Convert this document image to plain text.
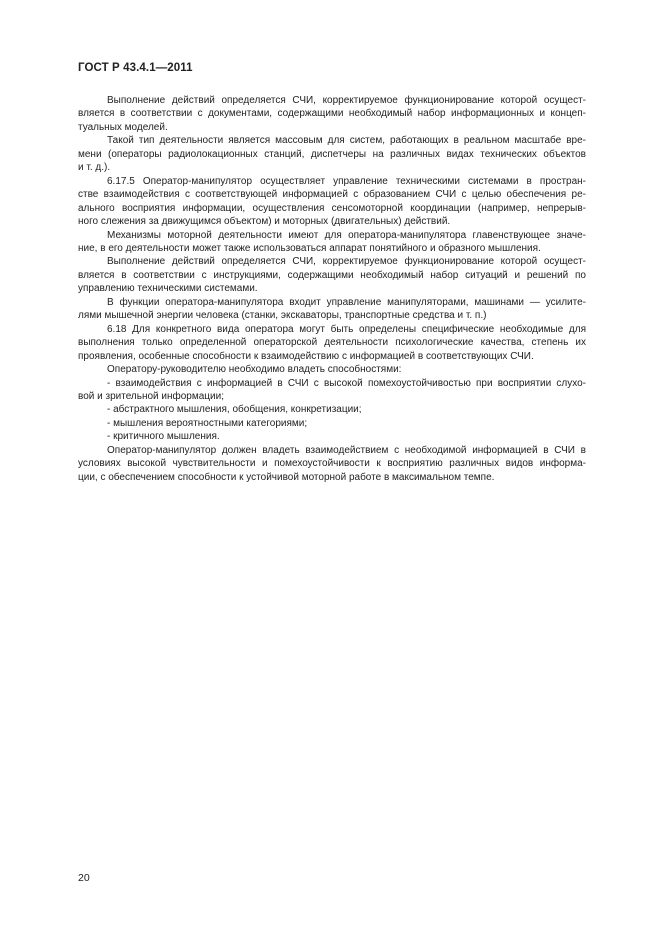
ГОСТ Р 43.4.1—2011
Выполнение действий определяется СЧИ, корректируемое функционирование которой осущест-
вляется в соответствии с документами, содержащими необходимый набор информационных и концеп-
туальных моделей.
Такой тип деятельности является массовым для систем, работающих в реальном масштабе вре-
мени (операторы радиолокационных станций, диспетчеры на различных видах технических объектов
и т. д.).
6.17.5 Оператор-манипулятор осуществляет управление техническими системами в простран-
стве взаимодействия с соответствующей информацией с образованием СЧИ с целью обеспечения ре-
ального восприятия информации, осуществления сенсомоторной координации (например, непрерыв-
ного слежения за движущимся объектом) и моторных (двигательных) действий.
Механизмы моторной деятельности имеют для оператора-манипулятора главенствующее значе-
ние, в его деятельности может также использоваться аппарат понятийного и образного мышления.
Выполнение действий определяется СЧИ, корректируемое функционирование которой осущест-
вляется в соответствии с инструкциями, содержащими необходимый набор ситуаций и решений по
управлению техническими системами.
В функции оператора-манипулятора входит управление манипуляторами, машинами — усилите-
лями мышечной энергии человека (станки, экскаваторы, транспортные средства и т. п.)
6.18 Для конкретного вида оператора могут быть определены специфические необходимые для
выполнения только определенной операторской деятельности психологические качества, степень их
проявления, особенные способности к взаимодействию с информацией в соответствующих СЧИ.
Оператору-руководителю необходимо владеть способностями:
- взаимодействия с информацией в СЧИ с высокой помехоустойчивостью при восприятии слухо-
вой и зрительной информации;
- абстрактного мышления, обобщения, конкретизации;
- мышления вероятностными категориями;
- критичного мышления.
Оператор-манипулятор должен владеть взаимодействием с необходимой информацией в СЧИ в
условиях высокой чувствительности и помехоустойчивости к восприятию различных видов информа-
ции, с обеспечением способности к устойчивой моторной работе в максимальном темпе.
20
